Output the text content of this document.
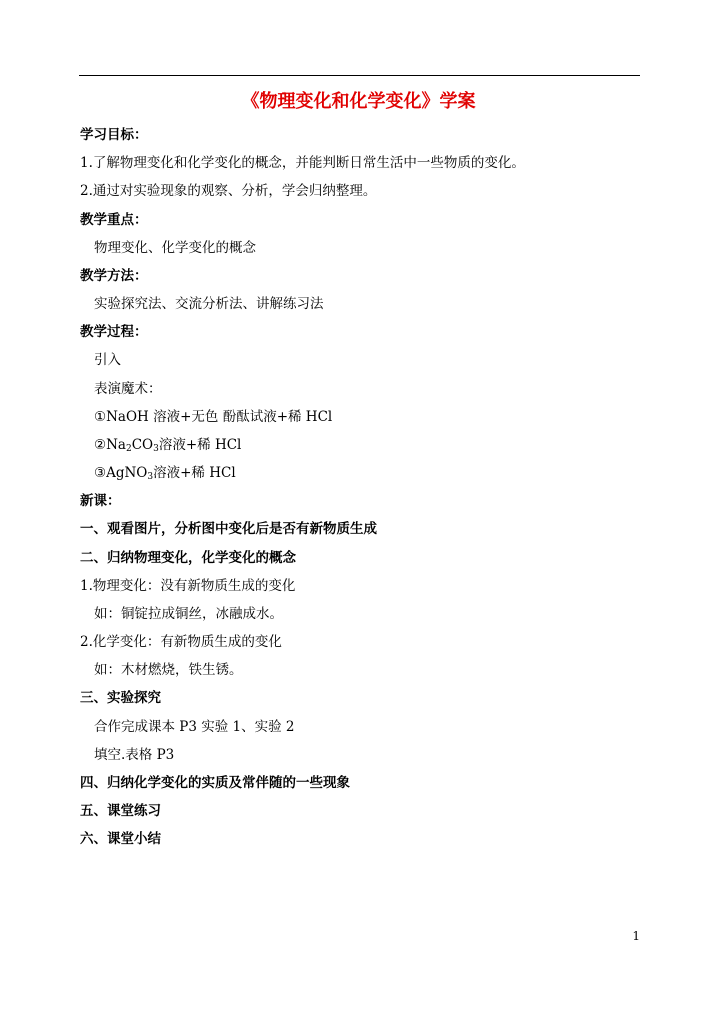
《物理变化和化学变化》学案
学习目标：
1.了解物理变化和化学变化的概念，并能判断日常生活中一些物质的变化。
2.通过对实验现象的观察、分析，学会归纳整理。
教学重点：
物理变化、化学变化的概念
教学方法：
实验探究法、交流分析法、讲解练习法
教学过程：
引入
表演魔术：
①NaOH 溶液+无色 酚酞试液+稀 HCl
$②Na_2CO_3$溶液+稀 HCl
③AgNO$_3$溶液+稀 HCl
新课：
一、观看图片，分析图中变化后是否有新物质生成
二、归纳物理变化，化学变化的概念
1.物理变化：没有新物质生成的变化
如：铜锭拉成铜丝，冰融成水。
2.化学变化：有新物质生成的变化
如：木材燃烧，铁生锈。
三、实验探究
合作完成课本 P3 实验 1、实验 2
填空.表格 P3
四、归纳化学变化的实质及常伴随的一些现象
五、课堂练习
六、课堂小结
1
